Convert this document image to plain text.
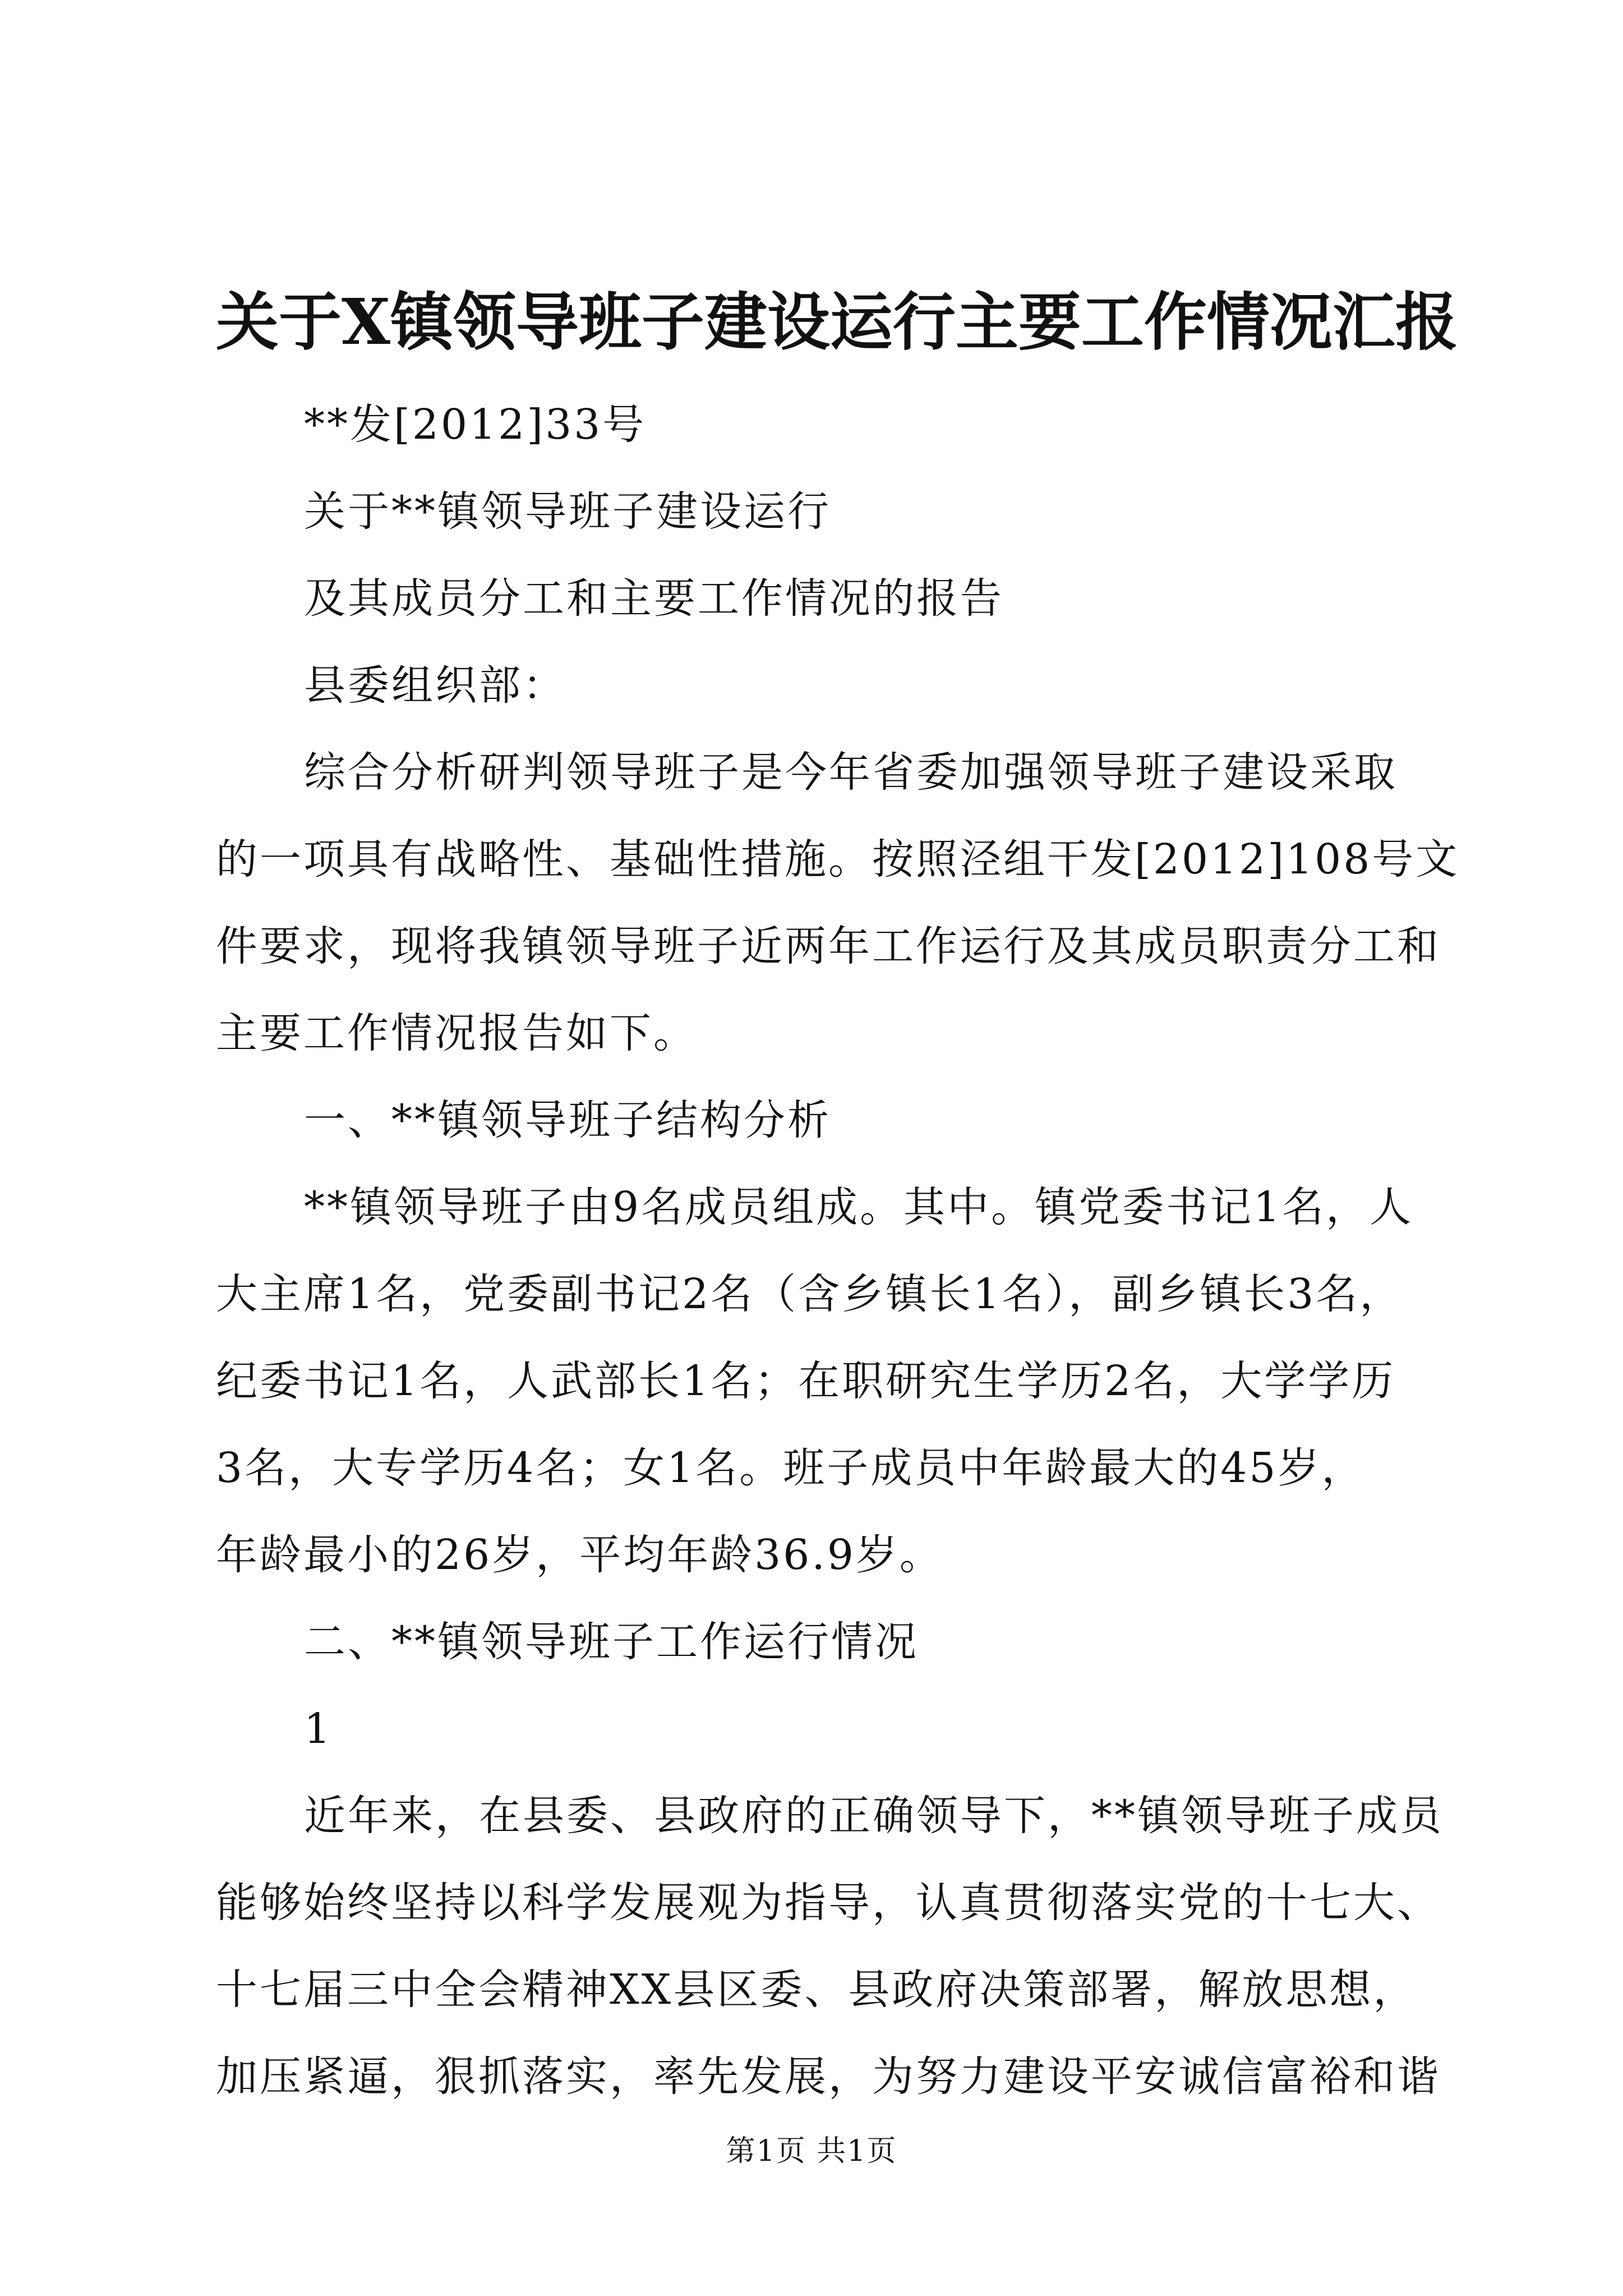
关于X镇领导班子建设运行主要工作情况汇报
**发[2012]33号
关于**镇领导班子建设运行
及其成员分工和主要工作情况的报告
县委组织部：
综合分析研判领导班子是今年省委加强领导班子建设采取
的一项具有战略性、基础性措施。按照泾组干发[2012]108号文
件要求，现将我镇领导班子近两年工作运行及其成员职责分工和
主要工作情况报告如下。
一、**镇领导班子结构分析
**镇领导班子由9名成员组成。其中。镇党委书记1名，人
大主席1名，党委副书记2名（含乡镇长1名），副乡镇长3名，
纪委书记1名，人武部长1名；在职研究生学历2名，大学学历
3名，大专学历4名；女1名。班子成员中年龄最大的45岁，
年龄最小的26岁，平均年龄36.9岁。
二、**镇领导班子工作运行情况
1
近年来，在县委、县政府的正确领导下，**镇领导班子成员
能够始终坚持以科学发展观为指导，认真贯彻落实党的十七大、
十七届三中全会精神XX县区委、县政府决策部署，解放思想，
加压紧逼，狠抓落实，率先发展，为努力建设平安诚信富裕和谐
第1页 共1页
